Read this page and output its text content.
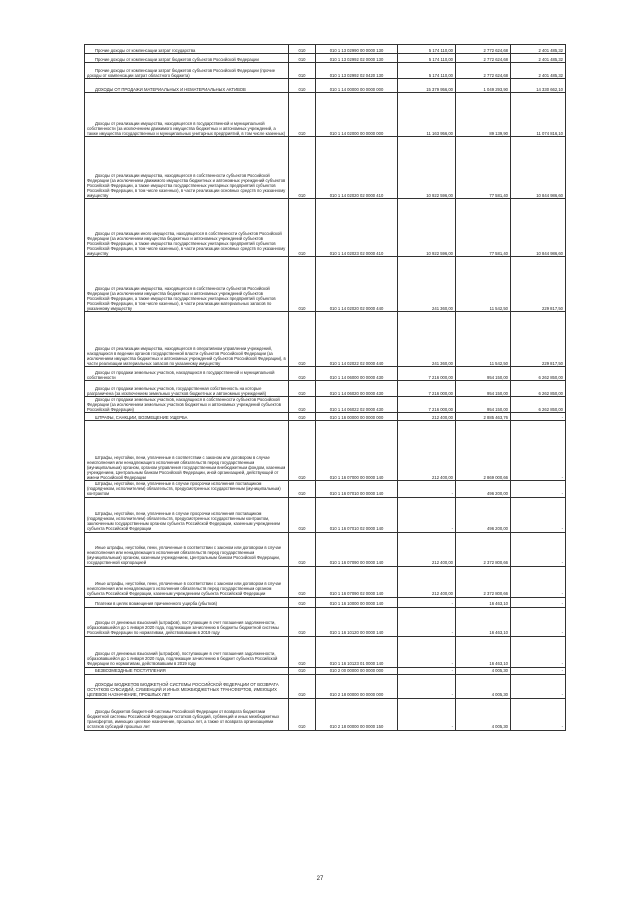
Прочие доходы от компенсации затрат государства	010	010 1 13 02990 00 0000 130	5 174 110,00	2 772 624,68	2 401 485,32
Прочие доходы от компенсации затрат бюджетов субъектов Российской Федерации	010	010 1 13 02992 02 0000 130	5 174 110,00	2 772 624,68	2 401 485,32
Прочие доходы от компенсации затрат бюджетов субъектов Российской Федерации (прочие доходы от компенсации затрат областного бюджета)	010	010 1 13 02992 02 0420 130	5 174 110,00	2 772 624,68	2 401 485,32
ДОХОДЫ ОТ ПРОДАЖИ МАТЕРИАЛЬНЫХ И НЕМАТЕРИАЛЬНЫХ АКТИВОВ	010	010 1 14 00000 00 0000 000	15 379 956,00	1 049 293,90	14 330 662,10
Доходы от реализации имущества, находящегося в государственной и муниципальной собственности (за исключением движимого имущества бюджетных и автономных учреждений, а также имущества государственных и муниципальных унитарных предприятий, в том числе казенных)	010	010 1 14 02000 00 0000 000	11 163 956,00	89 139,90	11 074 816,10
Доходы от реализации имущества, находящегося в собственности субъектов Российской Федерации (за исключением движимого имущества бюджетных и автономных учреждений субъектов Российской Федерации, а также имущества государственных унитарных предприятий субъектов Российской Федерации, в том числе казенных), в части реализации основных средств по указанному имуществу	010	010 1 14 02020 02 0000 410	10 922 596,00	77 581,40	10 844 986,60
Доходы от реализации иного имущества, находящегося в собственности субъектов Российской Федерации (за исключением имущества бюджетных и автономных учреждений субъектов Российской Федерации, а также имущества государственных унитарных предприятий субъектов Российской Федерации, в том числе казенных), в части реализации основных средств по указанному имуществу	010	010 1 14 02023 02 0000 410	10 922 596,00	77 581,40	10 844 986,60
Доходы от реализации имущества, находящегося в собственности субъектов Российской Федерации (за исключением имущества бюджетных и автономных учреждений субъектов Российской Федерации, а также имущества государственных унитарных предприятий субъектов Российской Федерации, в том числе казенных), в части реализации материальных запасов по указанному имуществу	010	010 1 14 02020 02 0000 440	241 360,00	11 542,50	229 817,50
Доходы от реализации имущества, находящегося в оперативном управлении учреждений, находящихся в ведении органов государственной власти субъектов Российской Федерации (за исключением имущества бюджетных и автономных учреждений субъектов Российской Федерации), в части реализации материальных запасов по указанному имуществу	010	010 1 14 02022 02 0000 440	241 360,00	11 542,50	229 817,50
Доходы от продажи земельных участков, находящихся в государственной и муниципальной собственности	010	010 1 14 06000 00 0000 430	7 216 000,00	954 150,00	6 262 850,00
Доходы от продажи земельных участков, государственная собственность на которые разграничена (за исключением земельных участков бюджетных и автономных учреждений)	010	010 1 14 06020 00 0000 430	7 216 000,00	954 150,00	6 262 850,00
Доходы от продажи земельных участков, находящихся в собственности субъектов Российской Федерации (за исключением земельных участков бюджетных и автономных учреждений субъектов Российской Федерации)	010	010 1 14 06022 02 0000 430	7 216 000,00	954 150,00	6 262 850,00
ШТРАФЫ, САНКЦИИ, ВОЗМЕЩЕНИЕ УЩЕРБА	010	010 1 16 00000 00 0000 000	212 400,00	2 885 463,76	-
Штрафы, неустойки, пени, уплаченные в соответствии с законом или договором в случае неисполнения или ненадлежащего исполнения обязательств перед государственным (муниципальным) органом, органом управления государственным внебюджетным фондом, казенным учреждением, Центральным банком Российской Федерации, иной организацией, действующей от имени Российской Федерации	010	010 1 16 07000 00 0000 140	212 400,00	2 869 000,66	-
Штрафы, неустойки, пени, уплаченные в случае просрочки исполнения поставщиком (подрядчиком, исполнителем) обязательств, предусмотренных государственным (муниципальным) контрактом	010	010 1 16 07010 00 0000 140	-	496 200,00	-
Штрафы, неустойки, пени, уплаченные в случае просрочки исполнения поставщиком (подрядчиком, исполнителем) обязательств, предусмотренных государственным контрактом, заключенным государственным органом субъекта Российской Федерации, казенным учреждением субъекта Российской Федерации	010	010 1 16 07010 02 0000 140	-	496 200,00	-
Иные штрафы, неустойки, пени, уплаченные в соответствии с законом или договором в случае неисполнения или ненадлежащего исполнения обязательств перед государственным (муниципальным) органом, казенным учреждением, Центральным банком Российской Федерации, государственной корпорацией	010	010 1 16 07090 00 0000 140	212 400,00	2 372 800,66	-
Иные штрафы, неустойки, пени, уплаченные в соответствии с законом или договором в случае неисполнения или ненадлежащего исполнения обязательств перед государственным органом субъекта Российской Федерации, казенным учреждением субъекта Российской Федерации	010	010 1 16 07090 02 0000 140	212 400,00	2 372 800,66	-
Платежи в целях возмещения причиненного ущерба (убытков)	010	010 1 16 10000 00 0000 140	-	16 463,10	-
Доходы от денежных взысканий (штрафов), поступающие в счет погашения задолженности, образовавшейся до 1 января 2020 года, подлежащие зачислению в бюджеты бюджетной системы Российской Федерации по нормативам, действовавшим в 2019 году	010	010 1 16 10120 00 0000 140	-	16 463,10	-
Доходы от денежных взысканий (штрафов), поступающие в счет погашения задолженности, образовавшейся до 1 января 2020 года, подлежащие зачислению в бюджет субъекта Российской Федерации по нормативам, действовавшим в 2019 году	010	010 1 16 10123 01 0000 140	-	16 463,10	-
БЕЗВОЗМЕЗДНЫЕ ПОСТУПЛЕНИЯ	010	010 2 00 00000 00 0000 000	-	4 005,30	-
ДОХОДЫ БЮДЖЕТОВ БЮДЖЕТНОЙ СИСТЕМЫ РОССИЙСКОЙ ФЕДЕРАЦИИ ОТ ВОЗВРАТА ОСТАТКОВ СУБСИДИЙ, СУБВЕНЦИЙ И ИНЫХ МЕЖБЮДЖЕТНЫХ ТРАНСФЕРТОВ, ИМЕЮЩИХ ЦЕЛЕВОЕ НАЗНАЧЕНИЕ, ПРОШЛЫХ ЛЕТ	010	010 2 18 00000 00 0000 000	-	4 005,30	-
Доходы бюджетов бюджетной системы Российской Федерации от возврата бюджетами бюджетной системы Российской Федерации остатков субсидий, субвенций и иных межбюджетных трансфертов, имеющих целевое назначение, прошлых лет, а также от возврата организациями остатков субсидий прошлых лет	010	010 2 18 00000 00 0000 150	-	4 005,30	-
27
